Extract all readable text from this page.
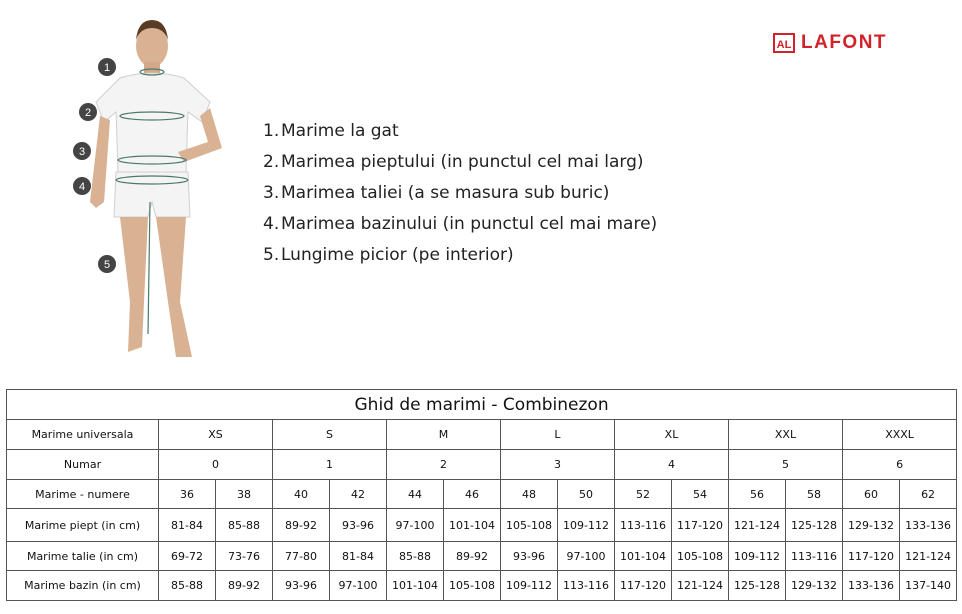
1
2
3
4
5
AL LAFONT
1. Marime la gat
2. Marimea pieptului (in punctul cel mai larg)
3. Marimea taliei (a se masura sub buric)
4. Marimea bazinului (in punctul cel mai mare)
5. Lungime picior (pe interior)
Ghid de marimi - Combinezon														
Marime universala	XS		S		M		L		XL		XXL		XXXL	
Numar	0		1		2		3		4		5		6	
Marime - numere	36	38	40	42	44	46	48	50	52	54	56	58	60	62
Marime piept (in cm)	81-84	85-88	89-92	93-96	97-100	101-104	105-108	109-112	113-116	117-120	121-124	125-128	129-132	133-136
Marime talie (in cm)	69-72	73-76	77-80	81-84	85-88	89-92	93-96	97-100	101-104	105-108	109-112	113-116	117-120	121-124
Marime bazin (in cm)	85-88	89-92	93-96	97-100	101-104	105-108	109-112	113-116	117-120	121-124	125-128	129-132	133-136	137-140
